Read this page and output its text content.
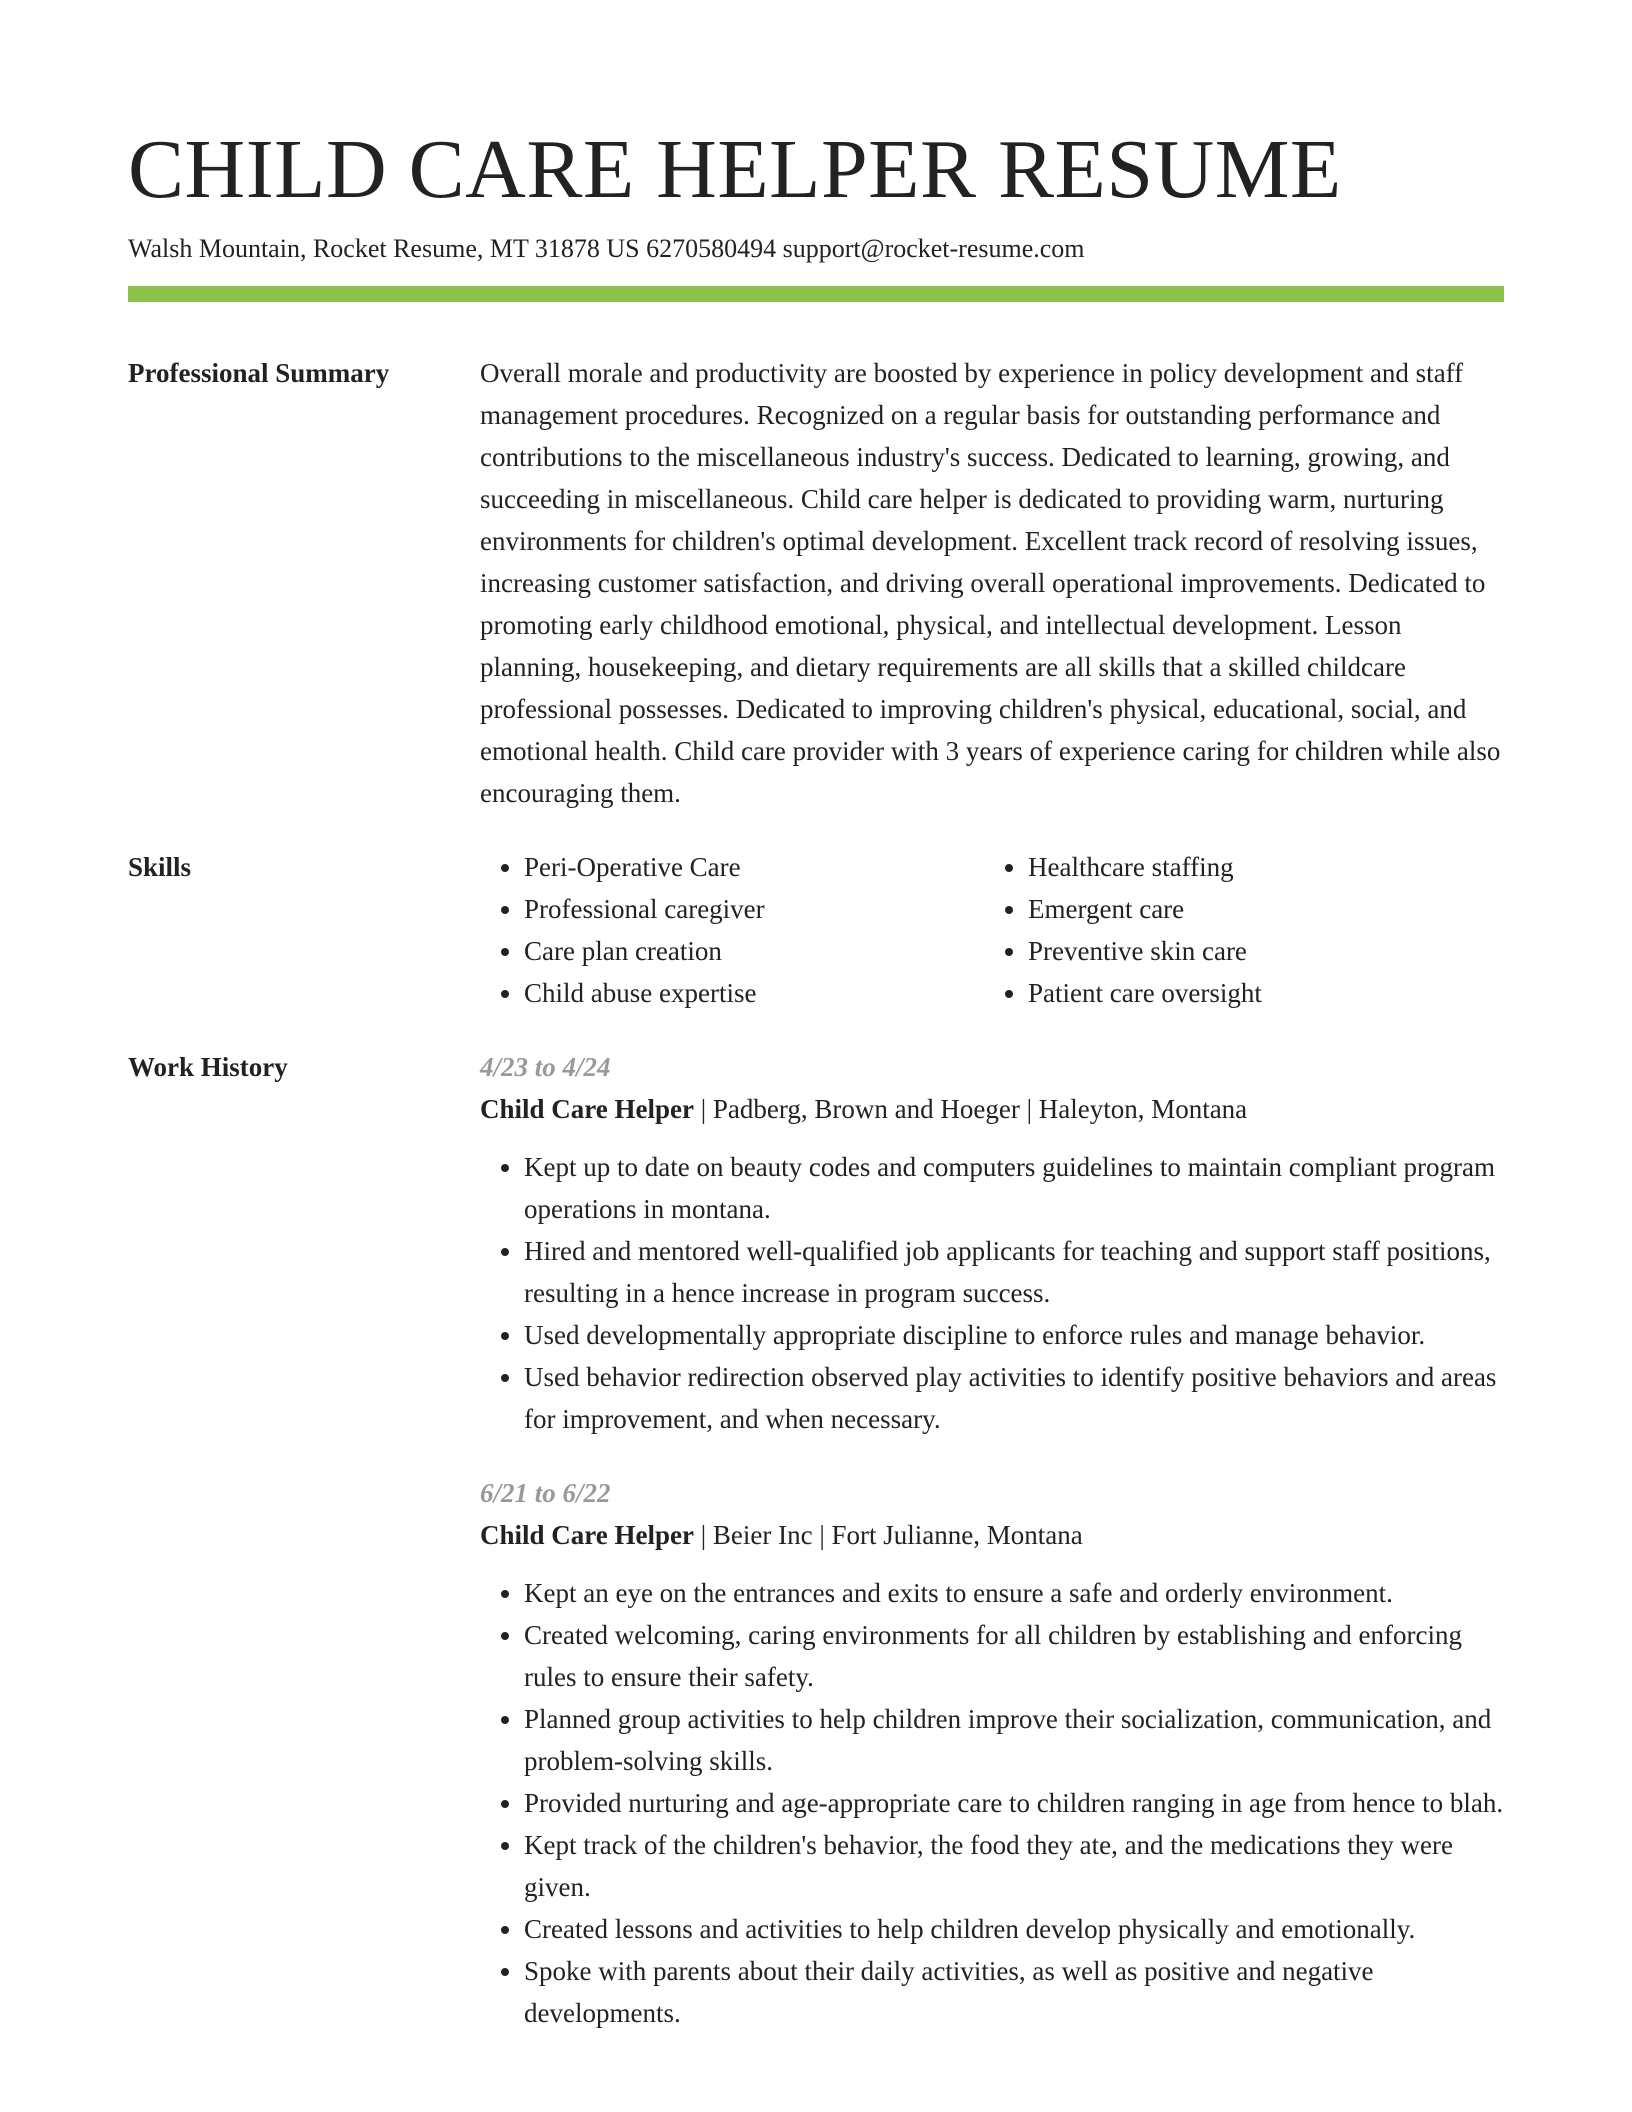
CHILD CARE HELPER RESUME
Walsh Mountain, Rocket Resume, MT 31878 US 6270580494 support@rocket-resume.com
Professional Summary	Overall morale and productivity are boosted by experience in policy development and staff management procedures. Recognized on a regular basis for outstanding performance and contributions to the miscellaneous industry's success. Dedicated to learning, growing, and succeeding in miscellaneous. Child care helper is dedicated to providing warm, nurturing environments for children's optimal development. Excellent track record of resolving issues, increasing customer satisfaction, and driving overall operational improvements. Dedicated to promoting early childhood emotional, physical, and intellectual development. Lesson planning, housekeeping, and dietary requirements are all skills that a skilled childcare professional possesses. Dedicated to improving children's physical, educational, social, and emotional health. Child care provider with 3 years of experience caring for children while also encouraging them.

Skills
•	Peri-Operative Care
• Professional caregiver
• Care plan creation
• Child abuse expertise
• Healthcare staffing
• Emergent care
• Preventive skin care
• Patient care oversight
Work History	4/23 to 4/24
Child Care Helper | Padberg, Brown and Hoeger | Haleyton, Montana
• Kept up to date on beauty codes and computers guidelines to maintain compliant program operations in montana.
• Hired and mentored well-qualified job applicants for teaching and support staff positions, resulting in a hence increase in program success.
• Used developmentally appropriate discipline to enforce rules and manage behavior.
• Used behavior redirection observed play activities to identify positive behaviors and areas for improvement, and when necessary.
6/21 to 6/22
Child Care Helper | Beier Inc | Fort Julianne, Montana
• Kept an eye on the entrances and exits to ensure a safe and orderly environment.
• Created welcoming, caring environments for all children by establishing and enforcing rules to ensure their safety.
• Planned group activities to help children improve their socialization, communication, and problem-solving skills.
• Provided nurturing and age-appropriate care to children ranging in age from hence to blah.
• Kept track of the children's behavior, the food they ate, and the medications they were given.
• Created lessons and activities to help children develop physically and emotionally.
• Spoke with parents about their daily activities, as well as positive and negative developments.
